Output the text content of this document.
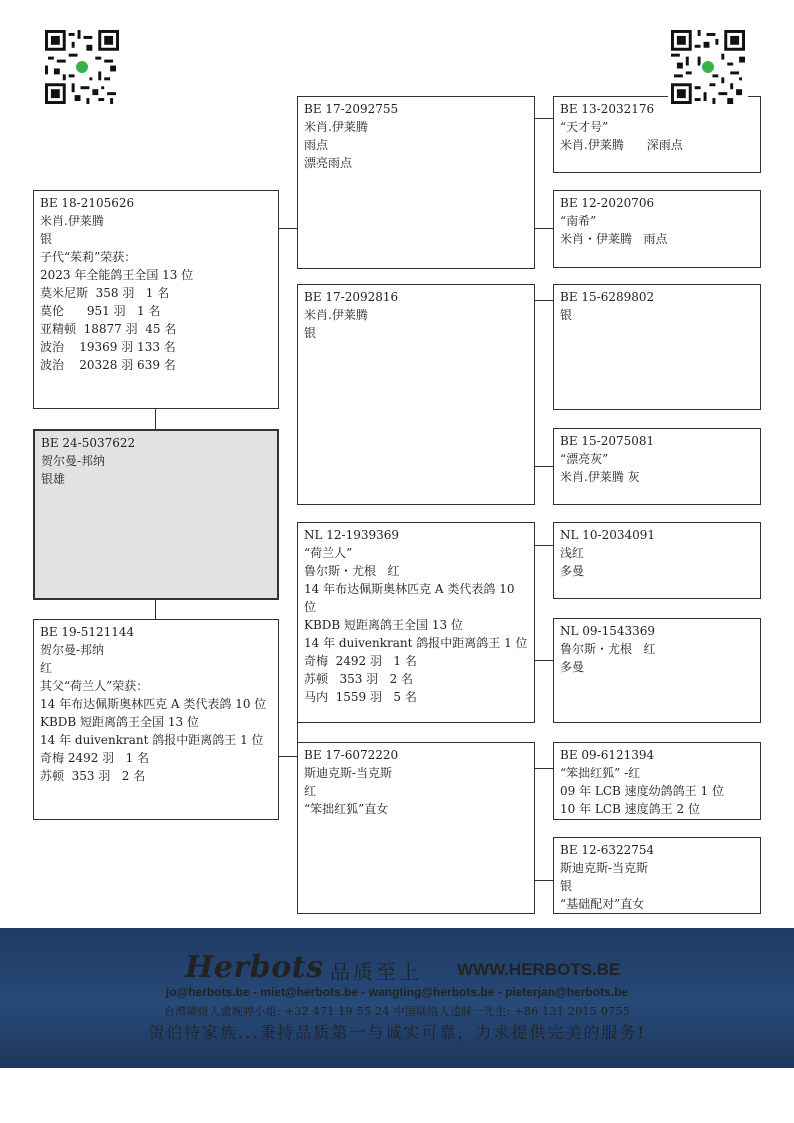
BE 18-2105626
米肖.伊莱腾
银
子代“茱莉”荣获：
2023 年全能鸽王全国 13 位
莫米尼斯  358 羽   1 名
莫伦      951 羽   1 名
亚精顿  18877 羽  45 名
波治    19369 羽 133 名
波治    20328 羽 639 名
BE 24-5037622
贺尔曼-邦纳
银雄
BE 19-5121144
贺尔曼-邦纳
红
其父“荷兰人”荣获：
14 年布达佩斯奥林匹克 A 类代表鸽 10 位
KBDB 短距离鸽王全国 13 位
14 年 duivenkrant 鸽报中距离鸽王 1 位
奇梅 2492 羽   1 名
苏顿  353 羽   2 名
BE 17-2092755
米肖.伊莱腾
雨点
漂亮雨点
BE 17-2092816
米肖.伊莱腾
银
NL 12-1939369
“荷兰人”
鲁尔斯・尤根   红
14 年布达佩斯奥林匹克 A 类代表鸽 10 位
KBDB 短距离鸽王全国 13 位
14 年 duivenkrant 鸽报中距离鸽王 1 位
奇梅  2492 羽   1 名
苏顿   353 羽   2 名
马内  1559 羽   5 名
BE 17-6072220
斯迪克斯-当克斯
红
“笨拙红狐”直女
BE 13-2032176
“天才号”
米肖.伊莱腾      深雨点
BE 12-2020706
“南希”
米肖・伊莱腾   雨点
BE 15-6289802
银
BE 15-2075081
“漂亮灰”
米肖.伊莱腾 灰
NL 10-2034091
浅红
多曼
NL 09-1543369
鲁尔斯・尤根   红
多曼
BE 09-6121394
“笨拙红狐” -红
09 年 LCB 速度幼鸽鸽王 1 位
10 年 LCB 速度鸽王 2 位
BE 12-6322754
斯迪克斯-当克斯
银
“基础配对”直女
Herbots 品质至上 WWW.HERBOTS.BE
jo@herbots.be - miet@herbots.be - wangting@herbots.be - pieterjan@herbots.be
台灣聯絡人盧婉婷小姐: +32 471 19 55 24 中国联络人逵睐一先生: +86 131 2015 0755
贺伯特家族...秉持品质第一与诚实可靠，力求提供完美的服务!
